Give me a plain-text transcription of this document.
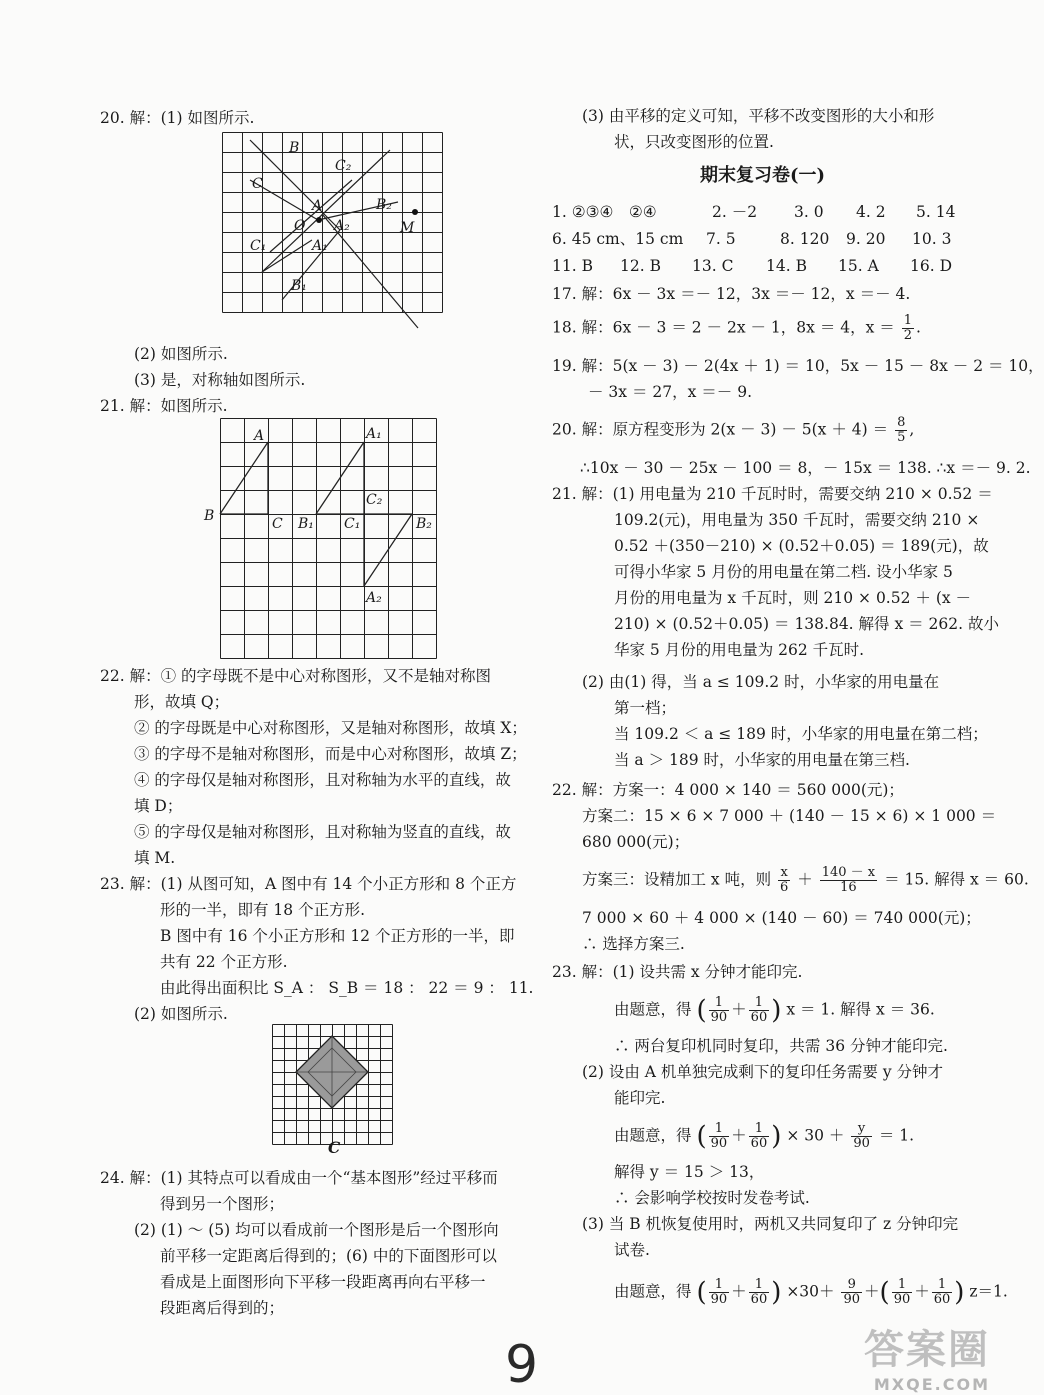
20. 解：(1) 如图所示.
B
C
C₂
A
O A₂
B₂
M
C₁	A₁
B₁
(2) 如图所示.
(3) 是，对称轴如图所示.
21. 解：如图所示.
A	A₁
B	C B₁ C₁
C₂
B₂
A₂
22. 解：① 的字母既不是中心对称图形，又不是轴对称图
形，故填 Q；
② 的字母既是中心对称图形，又是轴对称图形，故填 X；
③ 的字母不是轴对称图形，而是中心对称图形，故填 Z；
④ 的字母仅是轴对称图形，且对称轴为水平的直线，故
填 D；
⑤ 的字母仅是轴对称图形，且对称轴为竖直的直线，故
填 M.
23. 解：(1) 从图可知，A 图中有 14 个小正方形和 8 个正方
形的一半，即有 18 个正方形.
B 图中有 16 个小正方形和 12 个正方形的一半，即
共有 22 个正方形.
由此得出面积比 S_A ： S_B ＝ 18 ： 22 ＝ 9 ： 11.
(2) 如图所示.
C
24. 解：(1) 其特点可以看成由一个“基本图形”经过平移而
得到另一个图形；
(2) (1) ～ (5) 均可以看成前一个图形是后一个图形向
前平移一定距离后得到的；(6) 中的下面图形可以
看成是上面图形向下平移一段距离再向右平移一
段距离后得到的；
(3) 由平移的定义可知，平移不改变图形的大小和形
状，只改变图形的位置.
期末复习卷(一)
1. ②③④　②④	2. －2 3. 0 4. 2 5. 14
6. 45 cm、15 cm 7. 5	8. 120 9. 20 10. 3
11. B 12. B 13. C 14. B 15. A 16. D
17. 解：6x － 3x ＝－ 12，3x ＝－ 12，x ＝－ 4.
18. 解：6x － 3 ＝ 2 － 2x － 1，8x ＝ 4，$x = \frac{1}{2}$ .
19. 解：5(x － 3) － 2(4x ＋ 1) ＝ 10，5x － 15 － 8x － 2 ＝ 10，
－ 3x ＝ 27，x ＝－ 9.
20. 解：原方程变形为 $2(x - 3) - 5(x + 4) = \frac{8}{5}$ ,
∴10x － 30 － 25x － 100 ＝ 8，－ 15x ＝ 138. ∴x ＝－ 9. 2.
21. 解：(1) 用电量为 210 千瓦时时，需要交纳 210 × 0.52 ＝
109.2(元)，用电量为 350 千瓦时，需要交纳 210 ×
0.52 ＋(350－210) × (0.52＋0.05) ＝ 189(元)，故
可得小华家 5 月份的用电量在第二档. 设小华家 5
月份的用电量为 x 千瓦时，则 210 × 0.52 ＋ (x －
210) × (0.52＋0.05) ＝ 138.84. 解得 x ＝ 262. 故小
华家 5 月份的用电量为 262 千瓦时.
(2) 由(1) 得，当 a ≤ 109.2 时，小华家的用电量在
第一档；
当 109.2 ＜ a ≤ 189 时，小华家的用电量在第二档；
当 a ＞ 189 时，小华家的用电量在第三档.
22. 解：方案一：4 000 × 140 ＝ 560 000(元)；
方案二：15 × 6 × 7 000 ＋ (140 － 15 × 6) × 1 000 ＝
680 000(元)；
方案三：设精加工 x 吨，则 $\frac{x}{6} + \frac{140 - x}{16} = 15$. 解得 x ＝ 60.
7 000 × 60 ＋ 4 000 × (140 － 60) ＝ 740 000(元)；
∴ 选择方案三.
23. 解：(1) 设共需 x 分钟才能印完.
由题意，得 ( $\frac{1}{90} + \frac{1}{60}$ ) x ＝ 1. 解得 x ＝ 36.
∴ 两台复印机同时复印，共需 36 分钟才能印完.
(2) 设由 A 机单独完成剩下的复印任务需要 y 分钟才
能印完.
由题意，得 ( $\frac{1}{90} + \frac{1}{60}$ ) × $30 + \frac{y}{90} = 1$.
解得 y ＝ 15 ＞ 13，
∴ 会影响学校按时发卷考试.
(3) 当 B 机恢复使用时，两机又共同复印了 z 分钟印完
试卷.
由题意，得 ( $\frac{1}{90} + \frac{1}{60}$ ) $\times 30+ \frac{9}{90}$ ＋( $\frac{1}{90} + \frac{1}{60}$ ) z＝1.
9	答案圈
MXQE.COM
